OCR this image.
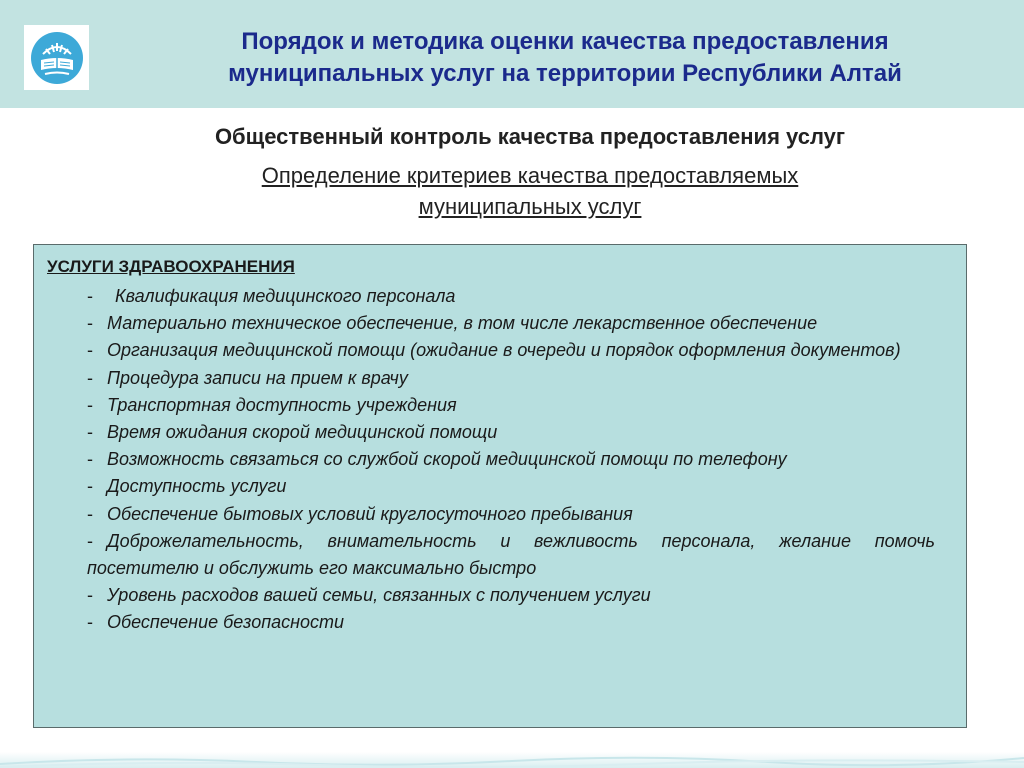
Порядок и методика оценки качества предоставления
муниципальных услуг на территории Республики Алтай
Общественный контроль качества предоставления услуг

Определение критериев качества предоставляемых
муниципальных услуг

УСЛУГИ ЗДРАВООХРАНЕНИЯ

- Квалификация медицинского персонала
- Материально техническое обеспечение, в том числе лекарственное обеспечение
- Организация медицинской помощи (ожидание в очереди и порядок оформления документов)
- Процедура записи на прием к врачу
- Транспортная доступность учреждения
- Время ожидания скорой медицинской помощи
- Возможность связаться со службой скорой медицинской помощи по телефону
- Доступность услуги
- Обеспечение бытовых условий круглосуточного пребывания
- Доброжелательность, внимательность и вежливость персонала, желание помочь посетителю и обслужить его максимально быстро
- Уровень расходов вашей семьи, связанных с получением услуги
- Обеспечение безопасности
